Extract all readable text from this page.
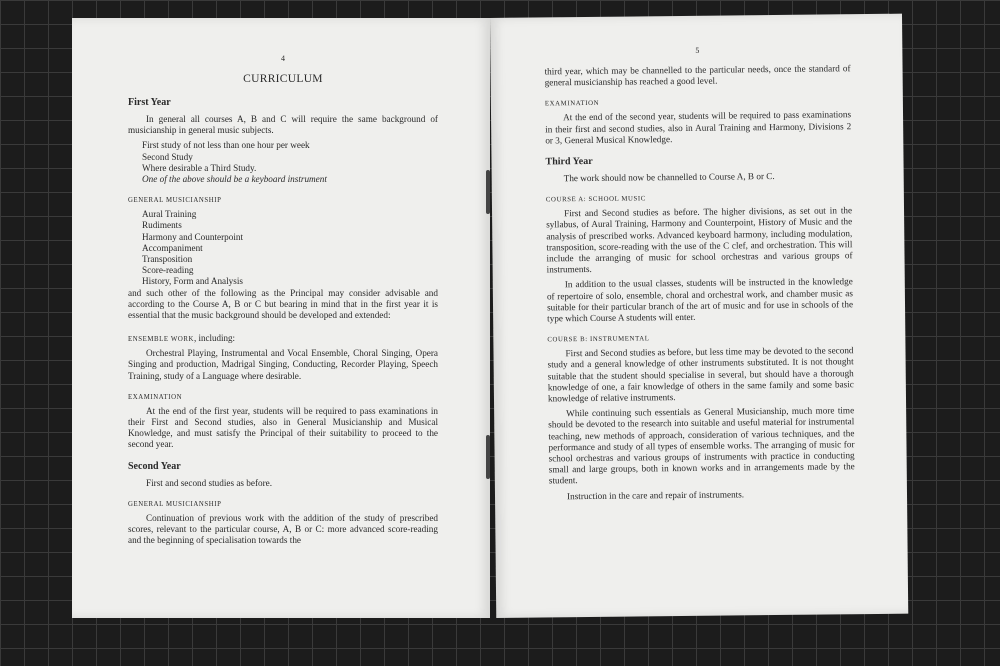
4
CURRICULUM
First Year

In general all courses A, B and C will require the same background of musicianship in general music subjects.

First study of not less than one hour per week
Second Study
Where desirable a Third Study.
One of the above should be a keyboard instrument
GENERAL MUSICIANSHIP
Aural Training
Rudiments
Harmony and Counterpoint
Accompaniment
Transposition
Score-reading
History, Form and Analysis

and such other of the following as the Principal may consider advisable and according to the Course A, B or C but bearing in mind that in the first year it is essential that the music background should be developed and extended:

ENSEMBLE WORK, including:

Orchestral Playing, Instrumental and Vocal Ensemble, Choral Singing, Opera Singing and production, Madrigal Singing, Conducting, Recorder Playing, Speech Training, study of a Language where desirable.

EXAMINATION

At the end of the first year, students will be required to pass examinations in their First and Second studies, also in General Musicianship and Musical Knowledge, and must satisfy the Principal of their suitability to proceed to the second year.

Second Year

First and second studies as before.

GENERAL MUSICIANSHIP

Continuation of previous work with the addition of the study of prescribed scores, relevant to the particular course, A, B or C: more advanced score-reading and the beginning of specialisation towards the

5

third year, which may be channelled to the particular needs, once the standard of general musicianship has reached a good level.

EXAMINATION

At the end of the second year, students will be required to pass examinations in their first and second studies, also in Aural Training and Harmony, Divisions 2 or 3, General Musical Knowledge.

Third Year

The work should now be channelled to Course A, B or C.

COURSE A: SCHOOL MUSIC

First and Second studies as before. The higher divisions, as set out in the syllabus, of Aural Training, Harmony and Counterpoint, History of Music and the analysis of prescribed works. Advanced keyboard harmony, including modulation, transposition, score-reading with the use of the C clef, and orchestration. This will include the arranging of music for school orchestras and various groups of instruments.

In addition to the usual classes, students will be instructed in the knowledge of repertoire of solo, ensemble, choral and orchestral work, and chamber music as suitable for their particular branch of the art of music and for use in schools of the type which Course A students will enter.

COURSE B: INSTRUMENTAL

First and Second studies as before, but less time may be devoted to the second study and a general knowledge of other instruments substituted. It is not thought suitable that the student should specialise in several, but should have a thorough knowledge of one, a fair knowledge of others in the same family and some basic knowledge of relative instruments.

While continuing such essentials as General Musicianship, much more time should be devoted to the research into suitable and useful material for instrumental teaching, new methods of approach, consideration of various techniques, and the performance and study of all types of ensemble works. The arranging of music for school orchestras and various groups of instruments with practice in conducting small and large groups, both in known works and in arrangements made by the student.

Instruction in the care and repair of instruments.
